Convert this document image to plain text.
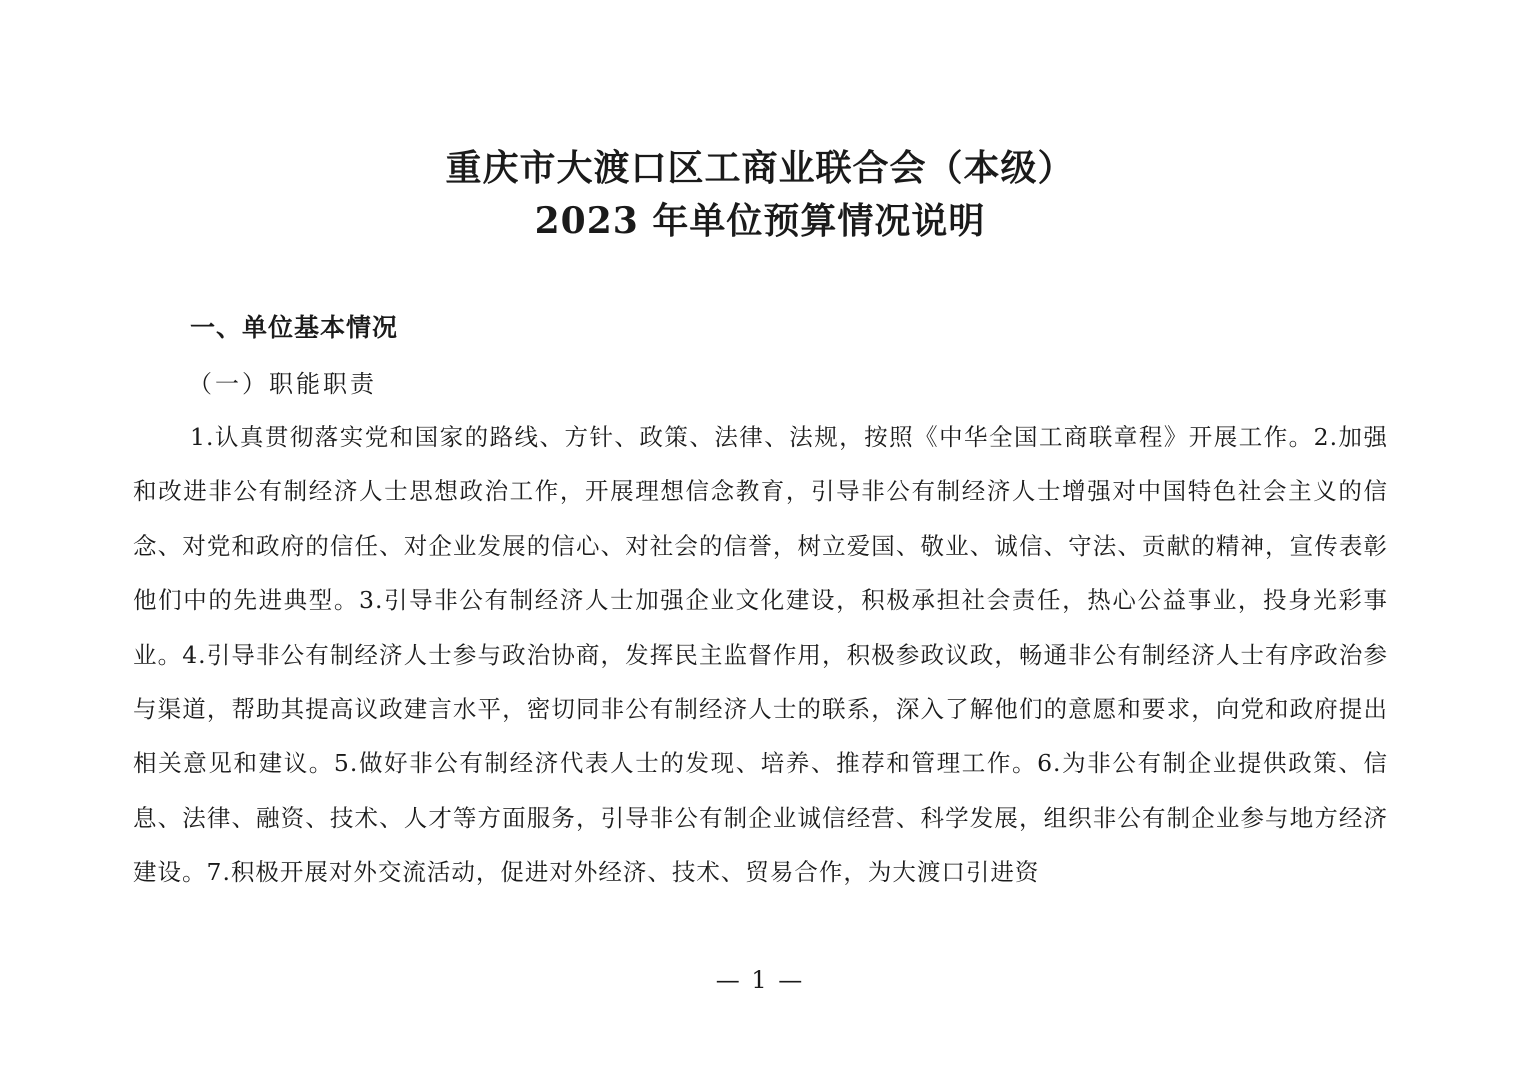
重庆市大渡口区工商业联合会（本级）
2023 年单位预算情况说明
一、单位基本情况
（一）职能职责

1.认真贯彻落实党和国家的路线、方针、政策、法律、法规，按照《中华全国工商联章程》开展工作。2.加强和改进非公有制经济人士思想政治工作，开展理想信念教育，引导非公有制经济人士增强对中国特色社会主义的信念、对党和政府的信任、对企业发展的信心、对社会的信誉，树立爱国、敬业、诚信、守法、贡献的精神，宣传表彰他们中的先进典型。3.引导非公有制经济人士加强企业文化建设，积极承担社会责任，热心公益事业，投身光彩事业。4.引导非公有制经济人士参与政治协商，发挥民主监督作用，积极参政议政，畅通非公有制经济人士有序政治参与渠道，帮助其提高议政建言水平，密切同非公有制经济人士的联系，深入了解他们的意愿和要求，向党和政府提出相关意见和建议。5.做好非公有制经济代表人士的发现、培养、推荐和管理工作。6.为非公有制企业提供政策、信息、法律、融资、技术、人才等方面服务，引导非公有制企业诚信经营、科学发展，组织非公有制企业参与地方经济建设。7.积极开展对外交流活动，促进对外经济、技术、贸易合作，为大渡口引进资

— 1 —
